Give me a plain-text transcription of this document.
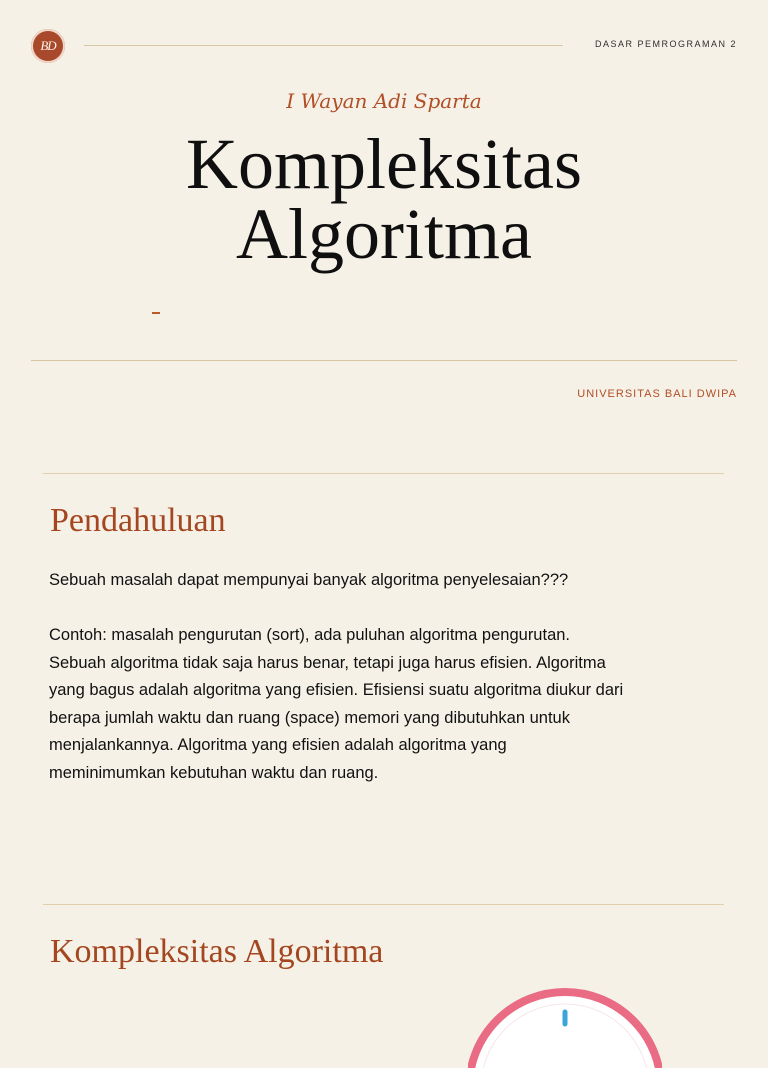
BD	DASAR PEMROGRAMAN 2
I Wayan Adi Sparta
Kompleksitas
Algoritma
UNIVERSITAS BALI DWIPA
Pendahuluan
Sebuah masalah dapat mempunyai banyak algoritma penyelesaian???
Contoh: masalah pengurutan (sort), ada puluhan algoritma pengurutan.
Sebuah algoritma tidak saja harus benar, tetapi juga harus efisien. Algoritma
yang bagus adalah algoritma yang efisien. Efisiensi suatu algoritma diukur dari
berapa jumlah waktu dan ruang (space) memori yang dibutuhkan untuk
menjalankannya. Algoritma yang efisien adalah algoritma yang
meminimumkan kebutuhan waktu dan ruang.
Kompleksitas Algoritma
